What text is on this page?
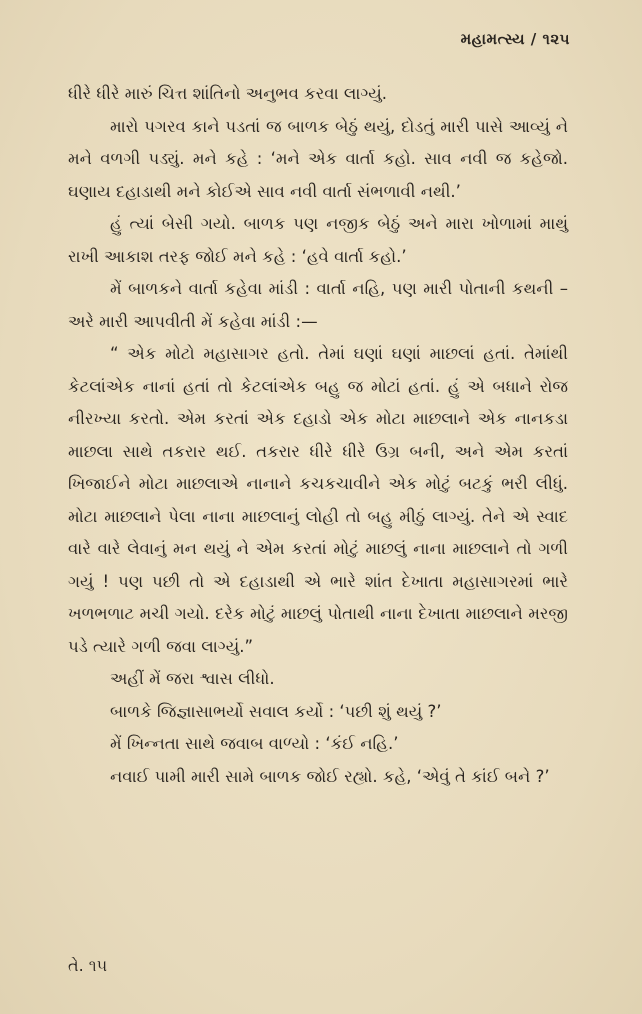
મહામત્સ્ય / ૧૨૫

ધીરે ધીરે મારું ચિત્ત શાંતિનો અનુભવ કરવા લાગ્યું.

મારો પગરવ કાને પડતાં જ બાળક બેઠું થયું, દોડતું મારી પાસે આવ્યું ને મને વળગી પડ્યું. મને કહે : ‘મને એક વાર્તા કહો. સાવ નવી જ કહેજો. ઘણાય દહાડાથી મને કોઈએ સાવ નવી વાર્તા સંભળાવી નથી.’

હું ત્યાં બેસી ગયો. બાળક પણ નજીક બેઠું અને મારા ખોળામાં માથું રાખી આકાશ તરફ જોઈ મને કહે : ‘હવે વાર્તા કહો.’

મેં બાળકને વાર્તા કહેવા માંડી : વાર્તા નહિ, પણ મારી પોતાની કથની – અરે મારી આપવીતી મેં કહેવા માંડી :—

“ એક મોટો મહાસાગર હતો. તેમાં ઘણાં ઘણાં માછલાં હતાં. તેમાંથી કેટલાંએક નાનાં હતાં તો કેટલાંએક બહુ જ મોટાં હતાં. હું એ બધાને રોજ નીરખ્યા કરતો. એમ કરતાં એક દહાડો એક મોટા માછલાને એક નાનકડા માછલા સાથે તકરાર થઈ. તકરાર ધીરે ધીરે ઉગ્ર બની, અને એમ કરતાં ખિજાઈને મોટા માછલાએ નાનાને કચકચાવીને એક મોટું બટકું ભરી લીધું. મોટા માછલાને પેલા નાના માછલાનું લોહી તો બહુ મીઠું લાગ્યું. તેને એ સ્વાદ વારે વારે લેવાનું મન થયું ને એમ કરતાં મોટું માછલું નાના માછલાને તો ગળી ગયું ! પણ પછી તો એ દહાડાથી એ ભારે શાંત દેખાતા મહાસાગરમાં ભારે ખળભળાટ મચી ગયો. દરેક મોટું માછલું પોતાથી નાના દેખાતા માછલાને મરજી પડે ત્યારે ગળી જવા લાગ્યું.”

અહીં મેં જરા શ્વાસ લીધો.

બાળકે જિજ્ઞાસાભર્યો સવાલ કર્યો : ‘પછી શું થયું ?’

મેં ખિન્નતા સાથે જવાબ વાળ્યો : ‘કંઈ નહિ.’

નવાઈ પામી મારી સામે બાળક જોઈ રહ્યો. કહે, ‘એવું તે કાંઈ બને ?’

તે. ૧૫
